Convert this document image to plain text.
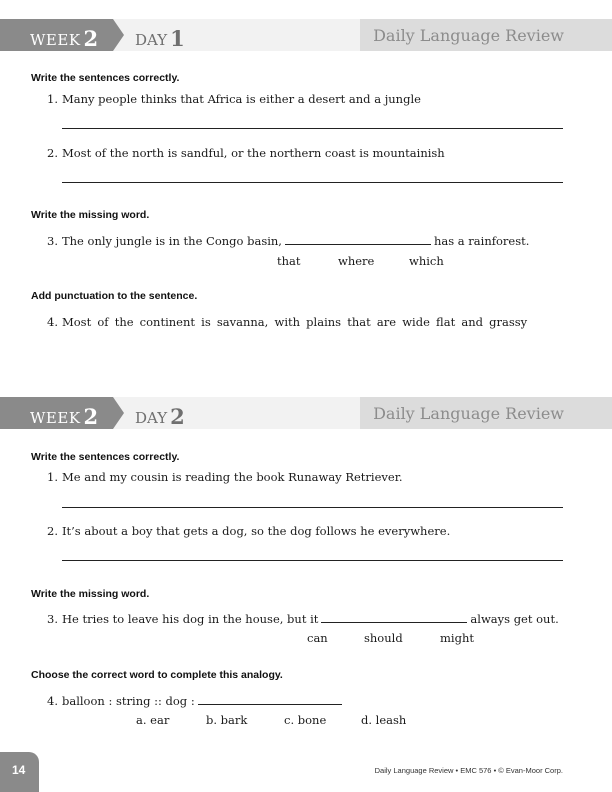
WEEK 2 DAY 1	Daily Language Review
Write the sentences correctly.
1. Many people thinks that Africa is either a desert and a jungle
2. Most of the north is sandful, or the northern coast is mountainish
Write the missing word.
3. The only jungle is in the Congo basin,	has a rainforest.
that	where	which
Add punctuation to the sentence.
4. Most of the continent is savanna, with plains that are wide flat and grassy
WEEK 2 DAY 2	Daily Language Review
Write the sentences correctly.
1. Me and my cousin is reading the book Runaway Retriever.
2. It’s about a boy that gets a dog, so the dog follows he everywhere.
Write the missing word.
3. He tries to leave his dog in the house, but it	always get out.
can	should	might
Choose the correct word to complete this analogy.
4. balloon : string :: dog :
a. ear	b. bark	c. bone	d. leash
14	Daily Language Review • EMC 576 • © Evan-Moor Corp.
